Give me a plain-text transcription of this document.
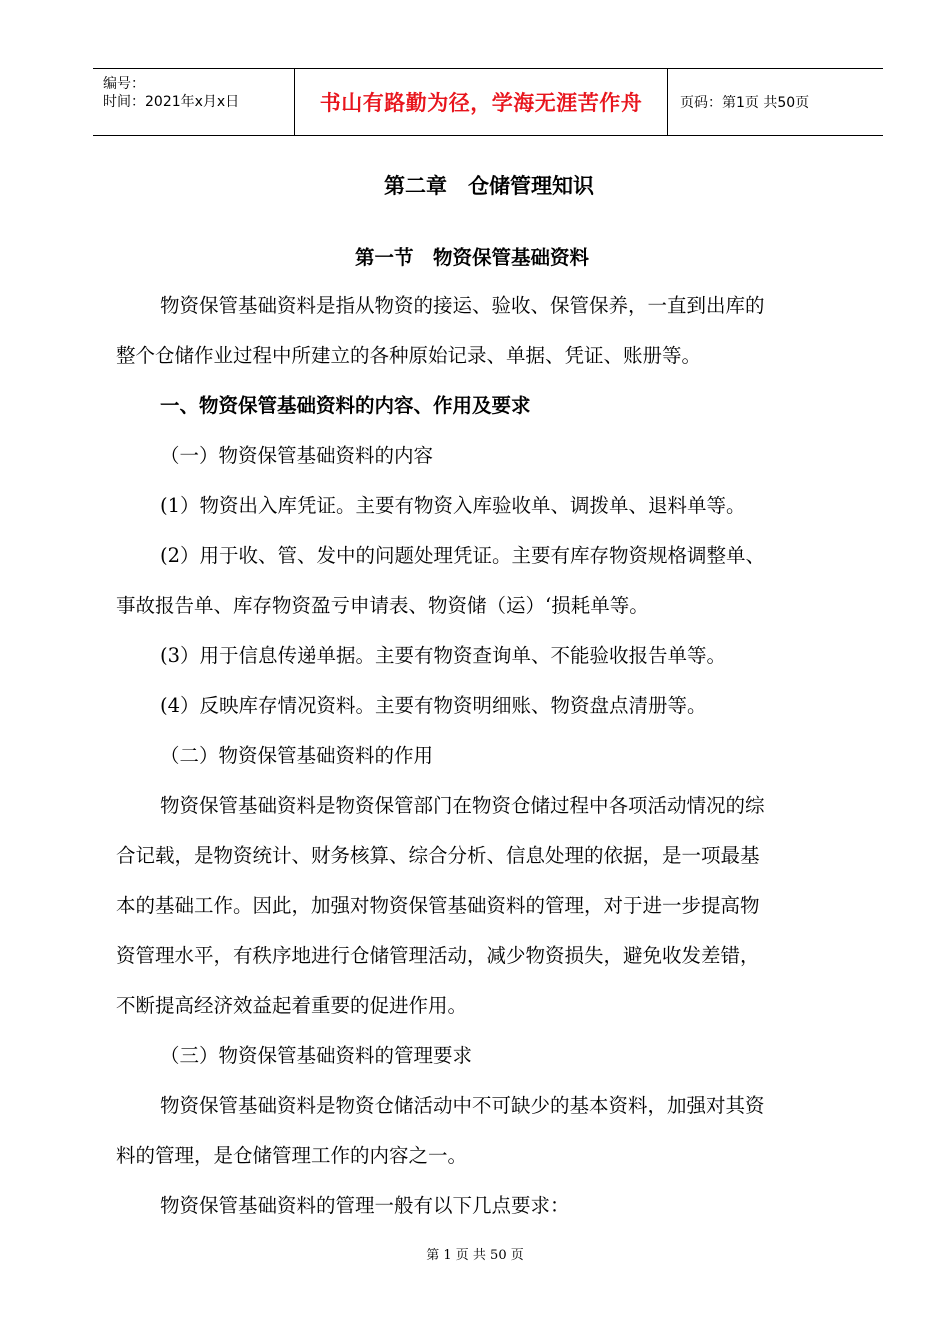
编号：
时间：2021年x月x日	书山有路勤为径，学海无涯苦作舟	页码：第1页 共50页
第二章　仓储管理知识
第一节　物资保管基础资料
物资保管基础资料是指从物资的接运、验收、保管保养，一直到出库的
整个仓储作业过程中所建立的各种原始记录、单据、凭证、账册等。
一、物资保管基础资料的内容、作用及要求
（一）物资保管基础资料的内容
(1）物资出入库凭证。主要有物资入库验收单、调拨单、退料单等。
(2）用于收、管、发中的问题处理凭证。主要有库存物资规格调整单、
事故报告单、库存物资盈亏申请表、物资储（运）‘损耗单等。
(3）用于信息传递单据。主要有物资查询单、不能验收报告单等。
(4）反映库存情况资料。主要有物资明细账、物资盘点清册等。
（二）物资保管基础资料的作用
物资保管基础资料是物资保管部门在物资仓储过程中各项活动情况的综
合记载，是物资统计、财务核算、综合分析、信息处理的依据，是一项最基
本的基础工作。因此，加强对物资保管基础资料的管理，对于进一步提高物
资管理水平，有秩序地进行仓储管理活动，减少物资损失，避免收发差错，
不断提高经济效益起着重要的促进作用。
（三）物资保管基础资料的管理要求
物资保管基础资料是物资仓储活动中不可缺少的基本资料，加强对其资
料的管理，是仓储管理工作的内容之一。
物资保管基础资料的管理一般有以下几点要求：
第 1 页 共 50 页
